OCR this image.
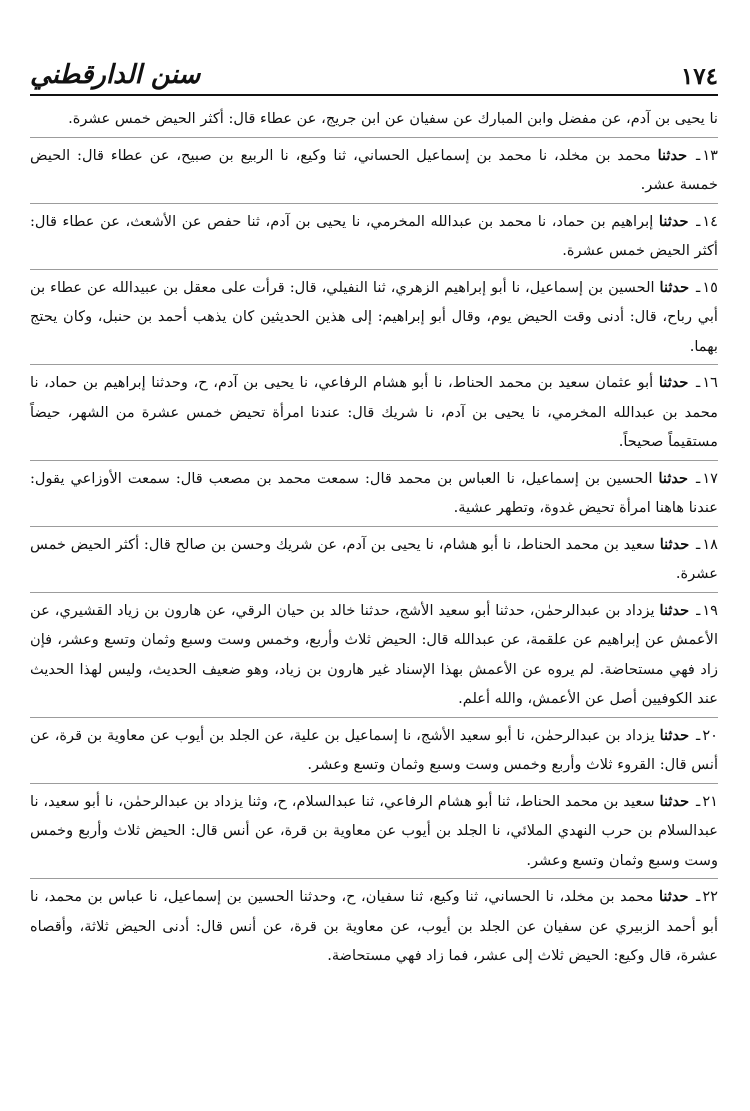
١٧٤
سنن الدارقطني

نا يحيى بن آدم، عن مفضل وابن المبارك عن سفيان عن ابن جريج، عن عطاء قال: أكثر الحيض خمس عشرة.

١٣ـ حدثنا محمد بن مخلد، نا محمد بن إسماعيل الحساني، ثنا وكيع، نا الربيع بن صبيح، عن عطاء قال: الحيض خمسة عشر.

١٤ـ حدثنا إبراهيم بن حماد، نا محمد بن عبدالله المخرمي، نا يحيى بن آدم، ثنا حفص عن الأشعث، عن عطاء قال: أكثر الحيض خمس عشرة.

١٥ـ حدثنا الحسين بن إسماعيل، نا أبو إبراهيم الزهري، ثنا النفيلي، قال: قرأت على معقل بن عبيدالله عن عطاء بن أبي رباح، قال: أدنى وقت الحيض يوم، وقال أبو إبراهيم: إلى هذين الحديثين كان يذهب أحمد بن حنبل، وكان يحتج بهما.

١٦ـ حدثنا أبو عثمان سعيد بن محمد الحناط، نا أبو هشام الرفاعي، نا يحيى بن آدم، ح، وحدثنا إبراهيم بن حماد، نا محمد بن عبدالله المخرمي، نا يحيى بن آدم، نا شريك قال: عندنا امرأة تحيض خمس عشرة من الشهر، حيضاً مستقيماً صحيحاً.

١٧ـ حدثنا الحسين بن إسماعيل، نا العباس بن محمد قال: سمعت محمد بن مصعب قال: سمعت الأوزاعي يقول: عندنا هاهنا امرأة تحيض غدوة، وتطهر عشية.

١٨ـ حدثنا سعيد بن محمد الحناط، نا أبو هشام، نا يحيى بن آدم، عن شريك وحسن بن صالح قال: أكثر الحيض خمس عشرة.

١٩ـ حدثنا يزداد بن عبدالرحمٰن، حدثنا أبو سعيد الأشج، حدثنا خالد بن حيان الرقي، عن هارون بن زياد القشيري، عن الأعمش عن إبراهيم عن علقمة، عن عبدالله قال: الحيض ثلاث وأربع، وخمس وست وسبع وثمان وتسع وعشر، فإن زاد فهي مستحاضة. لم يروه عن الأعمش بهذا الإسناد غير هارون بن زياد، وهو ضعيف الحديث، وليس لهذا الحديث عند الكوفيين أصل عن الأعمش، والله أعلم.

٢٠ـ حدثنا يزداد بن عبدالرحمٰن، نا أبو سعيد الأشج، نا إسماعيل بن علية، عن الجلد بن أيوب عن معاوية بن قرة، عن أنس قال: القروء ثلاث وأربع وخمس وست وسبع وثمان وتسع وعشر.

٢١ـ حدثنا سعيد بن محمد الحناط، ثنا أبو هشام الرفاعي، ثنا عبدالسلام، ح، وثنا يزداد بن عبدالرحمٰن، نا أبو سعيد، نا عبدالسلام بن حرب النهدي الملائي، نا الجلد بن أيوب عن معاوية بن قرة، عن أنس قال: الحيض ثلاث وأربع وخمس وست وسبع وثمان وتسع وعشر.

٢٢ـ حدثنا محمد بن مخلد، نا الحساني، ثنا وكيع، ثنا سفيان، ح، وحدثنا الحسين بن إسماعيل، نا عباس بن محمد، نا أبو أحمد الزبيري عن سفيان عن الجلد بن أيوب، عن معاوية بن قرة، عن أنس قال: أدنى الحيض ثلاثة، وأقصاه عشرة، قال وكيع: الحيض ثلاث إلى عشر، فما زاد فهي مستحاضة.
